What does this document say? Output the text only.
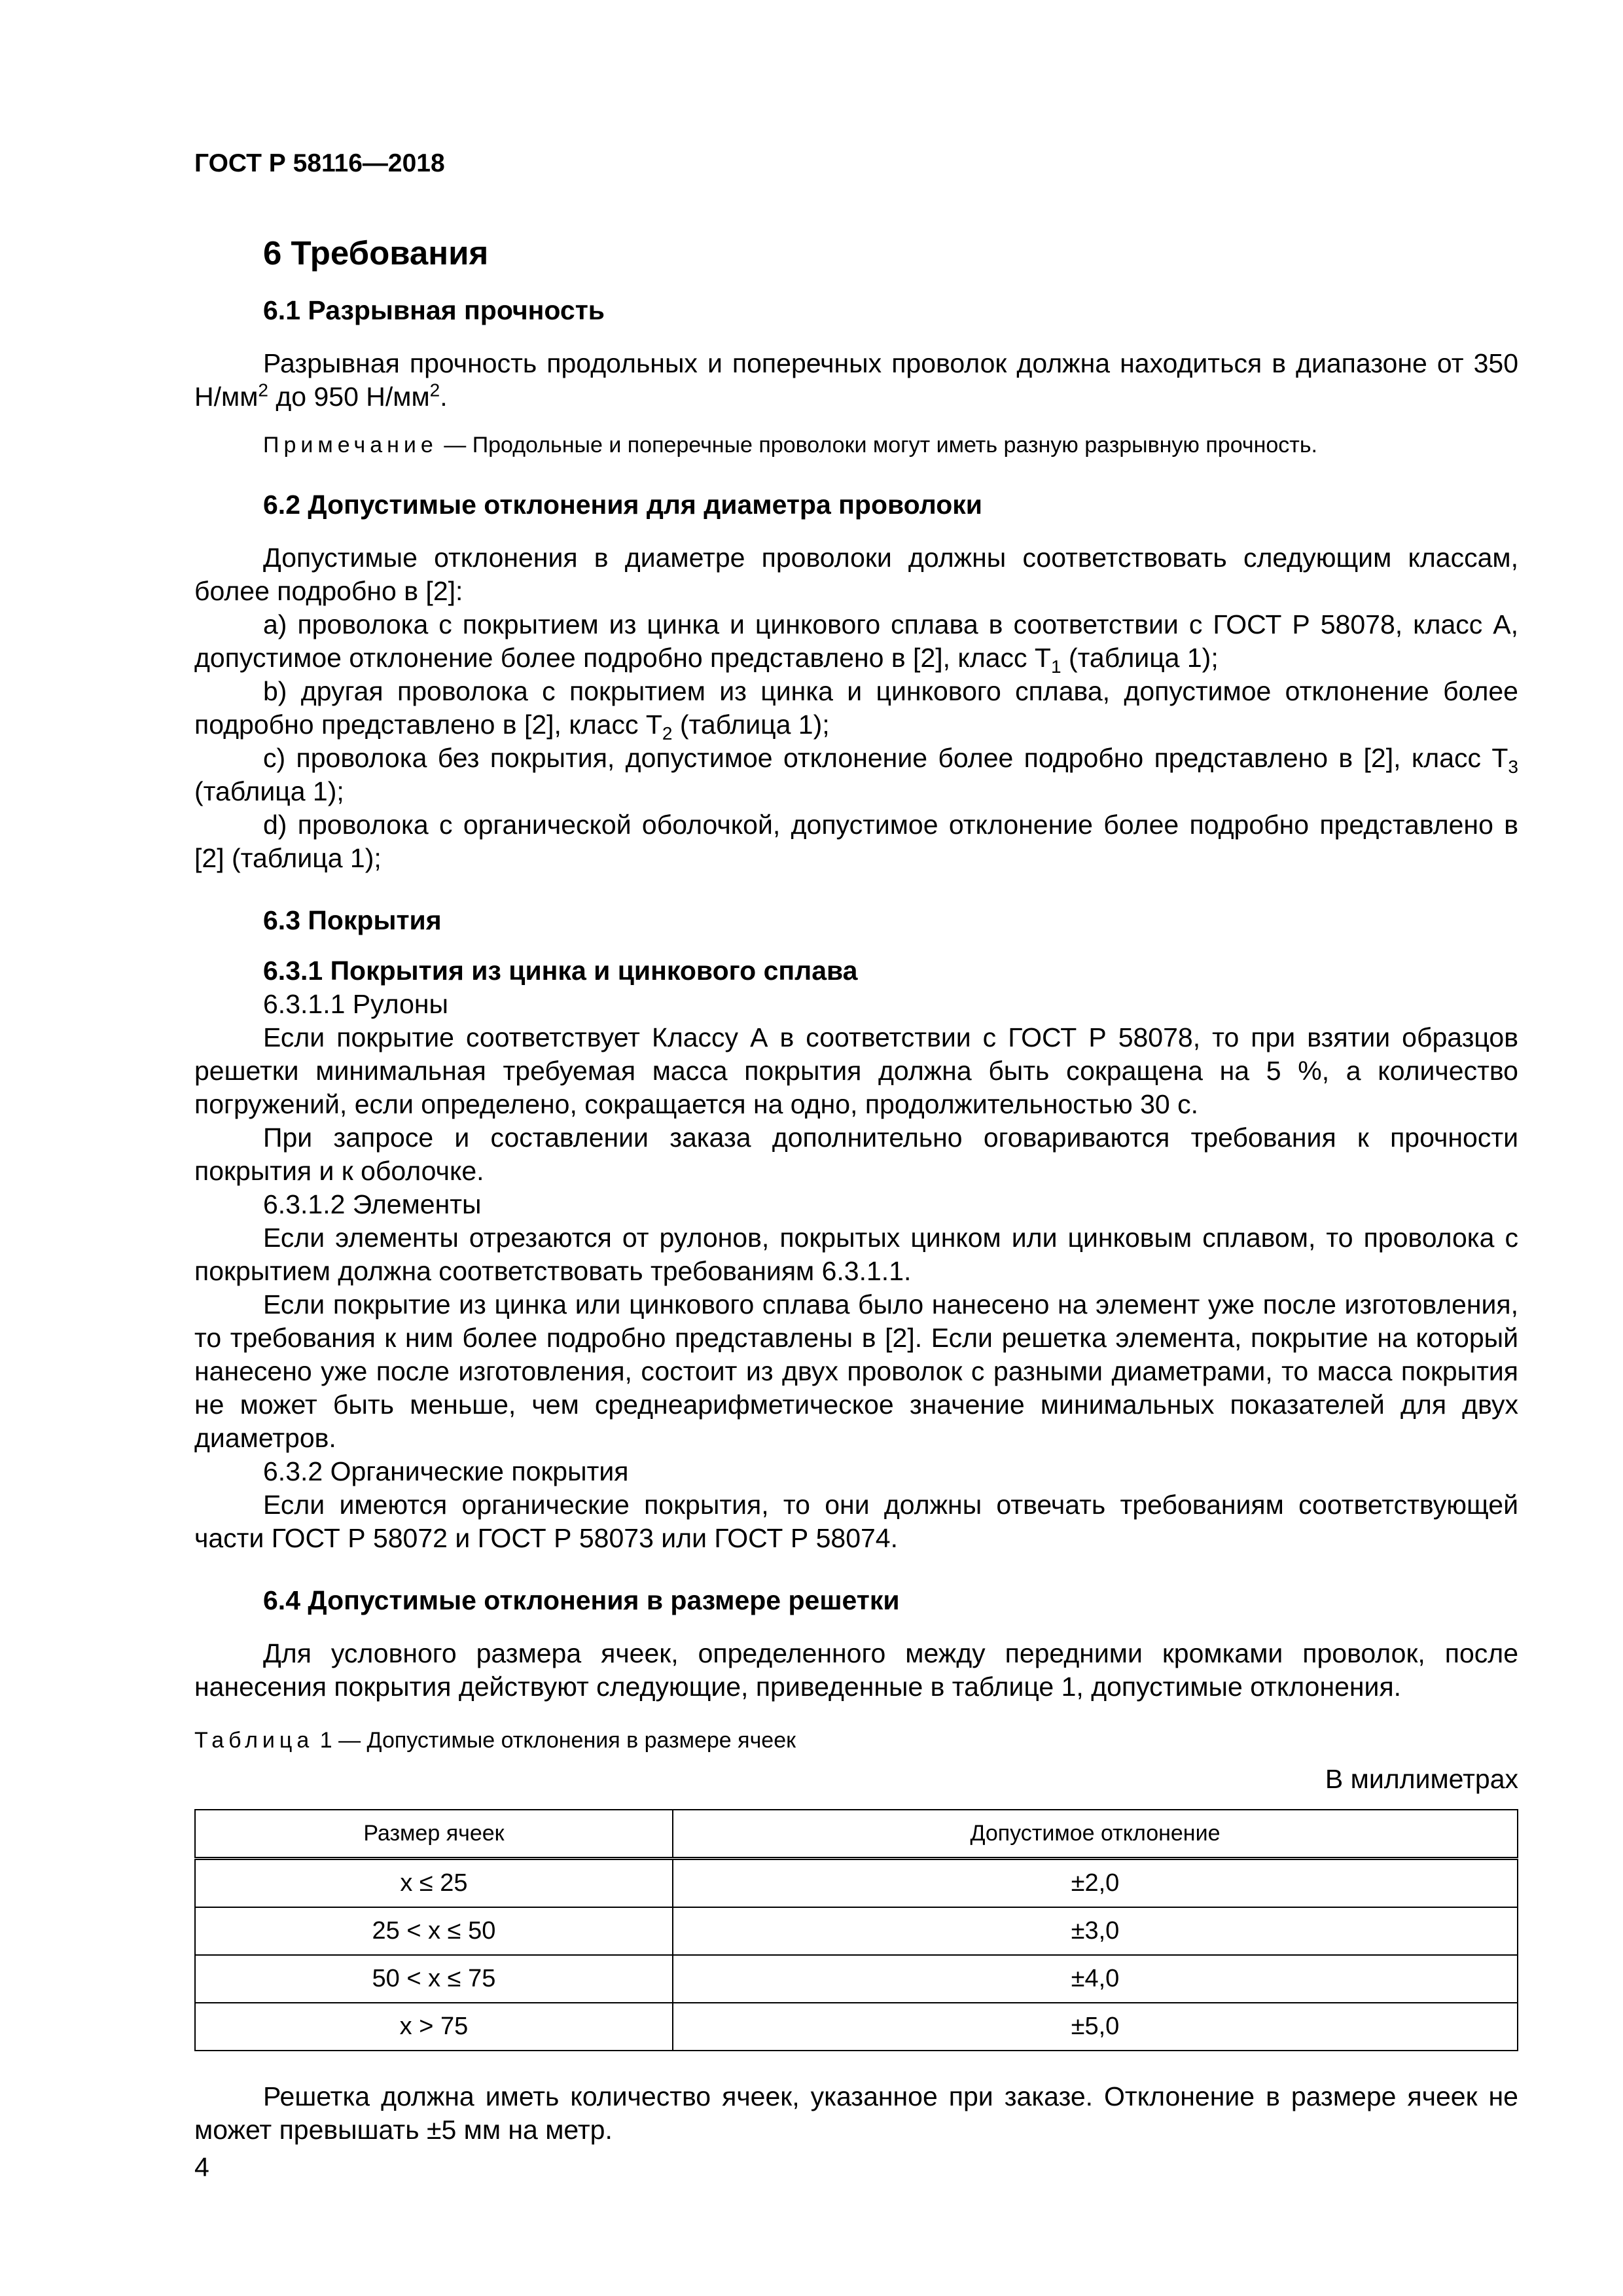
ГОСТ Р 58116—2018
6 Требования
6.1 Разрывная прочность
Разрывная прочность продольных и поперечных проволок должна находиться в диапазоне от 350 $Н/мм^2$ до 950 $Н/мм^2$.
Примечание — Продольные и поперечные проволоки могут иметь разную разрывную прочность.
6.2 Допустимые отклонения для диаметра проволоки
Допустимые отклонения в диаметре проволоки должны соответствовать следующим классам, более подробно в [2]:
a) проволока с покрытием из цинка и цинкового сплава в соответствии с ГОСТ Р 58078, класс А, допустимое отклонение более подробно представлено в [2], класс $Т_1$ (таблица 1);
b) другая проволока с покрытием из цинка и цинкового сплава, допустимое отклонение более подробно представлено в [2], класс $Т_2$ (таблица 1);
c) проволока без покрытия, допустимое отклонение более подробно представлено в [2], класс $Т_3$ (таблица 1);
d) проволока с органической оболочкой, допустимое отклонение более подробно представлено в [2] (таблица 1);
6.3 Покрытия
6.3.1 Покрытия из цинка и цинкового сплава
6.3.1.1 Рулоны
Если покрытие соответствует Классу А в соответствии с ГОСТ Р 58078, то при взятии образцов решетки минимальная требуемая масса покрытия должна быть сокращена на 5 %, а количество погружений, если определено, сокращается на одно, продолжительностью 30 с.
При запросе и составлении заказа дополнительно оговариваются требования к прочности покрытия и к оболочке.
6.3.1.2 Элементы
Если элементы отрезаются от рулонов, покрытых цинком или цинковым сплавом, то проволока с покрытием должна соответствовать требованиям 6.3.1.1.
Если покрытие из цинка или цинкового сплава было нанесено на элемент уже после изготовления, то требования к ним более подробно представлены в [2]. Если решетка элемента, покрытие на который нанесено уже после изготовления, состоит из двух проволок с разными диаметрами, то масса покрытия не может быть меньше, чем среднеарифметическое значение минимальных показателей для двух диаметров.
6.3.2 Органические покрытия
Если имеются органические покрытия, то они должны отвечать требованиям соответствующей части ГОСТ Р 58072 и ГОСТ Р 58073 или ГОСТ Р 58074.
6.4 Допустимые отклонения в размере решетки
Для условного размера ячеек, определенного между передними кромками проволок, после нанесения покрытия действуют следующие, приведенные в таблице 1, допустимые отклонения.
Таблица 1 — Допустимые отклонения в размере ячеек
В миллиметрах
Размер ячеек	Допустимое отклонение
x ≤ 25	±2,0
25 < x ≤ 50	±3,0
50 < x ≤ 75	±4,0
x > 75	±5,0
Решетка должна иметь количество ячеек, указанное при заказе. Отклонение в размере ячеек не может превышать ±5 мм на метр.
4
